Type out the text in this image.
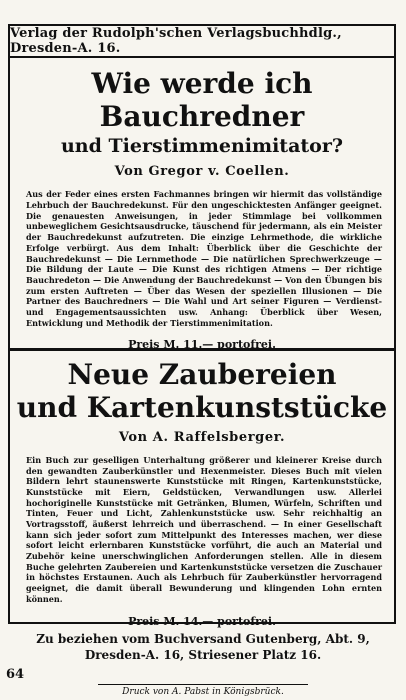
Verlag der Rudolph'schen Verlagsbuchhdlg., Dresden-A. 16.
Wie werde ich
Bauchredner
und Tierstimmenimitator?
Von Gregor v. Coellen.
Aus der Feder eines ersten Fachmannes bringen wir hiermit das vollständige Lehrbuch der Bauchredekunst. Für den ungeschicktesten Anfänger geeignet. Die genauesten Anweisungen, in jeder Stimmlage bei vollkommen unbewegliсhem Gesichtsausdrucke, täuschend für jedermann, als ein Meister der Bauchredekunst aufzutreten. Die einzige Lehrmethode, die wirkliche Erfolge verbürgt. Aus dem Inhalt: Überblick über die Geschichte der Bauchredekunst — Die Lernmethode — Die natürlichen Sprechwerkzeuge — Die Bildung der Laute — Die Kunst des richtigen Atmens — Der richtige Bauchredeton — Die Anwendung der Bauchredekunst — Von den Übungen bis zum ersten Auftreten — Über das Wesen der speziellen Illusionen — Die Partner des Bauchredners — Die Wahl und Art seiner Figuren — Verdienst- und Engagementsaussichten usw. Anhang: Überblick über Wesen, Entwicklung und Methodik der Tierstimmenimitation.
Preis M. 11.— portofrei.
Neue Zaubereien
und Kartenkunststücke
Von A. Raffelsberger.
Ein Buch zur geselligen Unterhaltung größerer und kleinerer Kreise durch den gewandten Zauberkünstler und Hexenmeister. Dieses Buch mit vielen Bildern lehrt staunenswerte Kunststücke mit Ringen, Kartenkunststücke, Kunststücke mit Eiern, Geldstücken, Verwandlungen usw. Allerlei hochoriginelle Kunststücke mit Getränken, Blumen, Würfeln, Schriften und Tinten, Feuer und Licht, Zahlenkunststücke usw. Sehr reichhaltig an Vortragsstoff, äußerst lehrreich und überraschend. — In einer Gesellschaft kann sich jeder sofort zum Mittelpunkt des Interesses machen, wer diese sofort leicht erlernbaren Kunststücke vorführt, die auch an Material und Zubehör keine unerschwinglichen Anforderungen stellen. Alle in diesem Buche gelehrten Zaubereien und Kartenkunststücke versetzen die Zuschauer in höchstes Erstaunen. Auch als Lehrbuch für Zauberkünstler hervorragend geeignet, die damit überall Bewunderung und klingenden Lohn ernten können.
Preis M. 14.— portofrei.
Zu beziehen vom Buchversand Gutenberg, Abt. 9,
Dresden-A. 16, Striesener Platz 16.
64
Druck von A. Pabst in Königsbrück.
